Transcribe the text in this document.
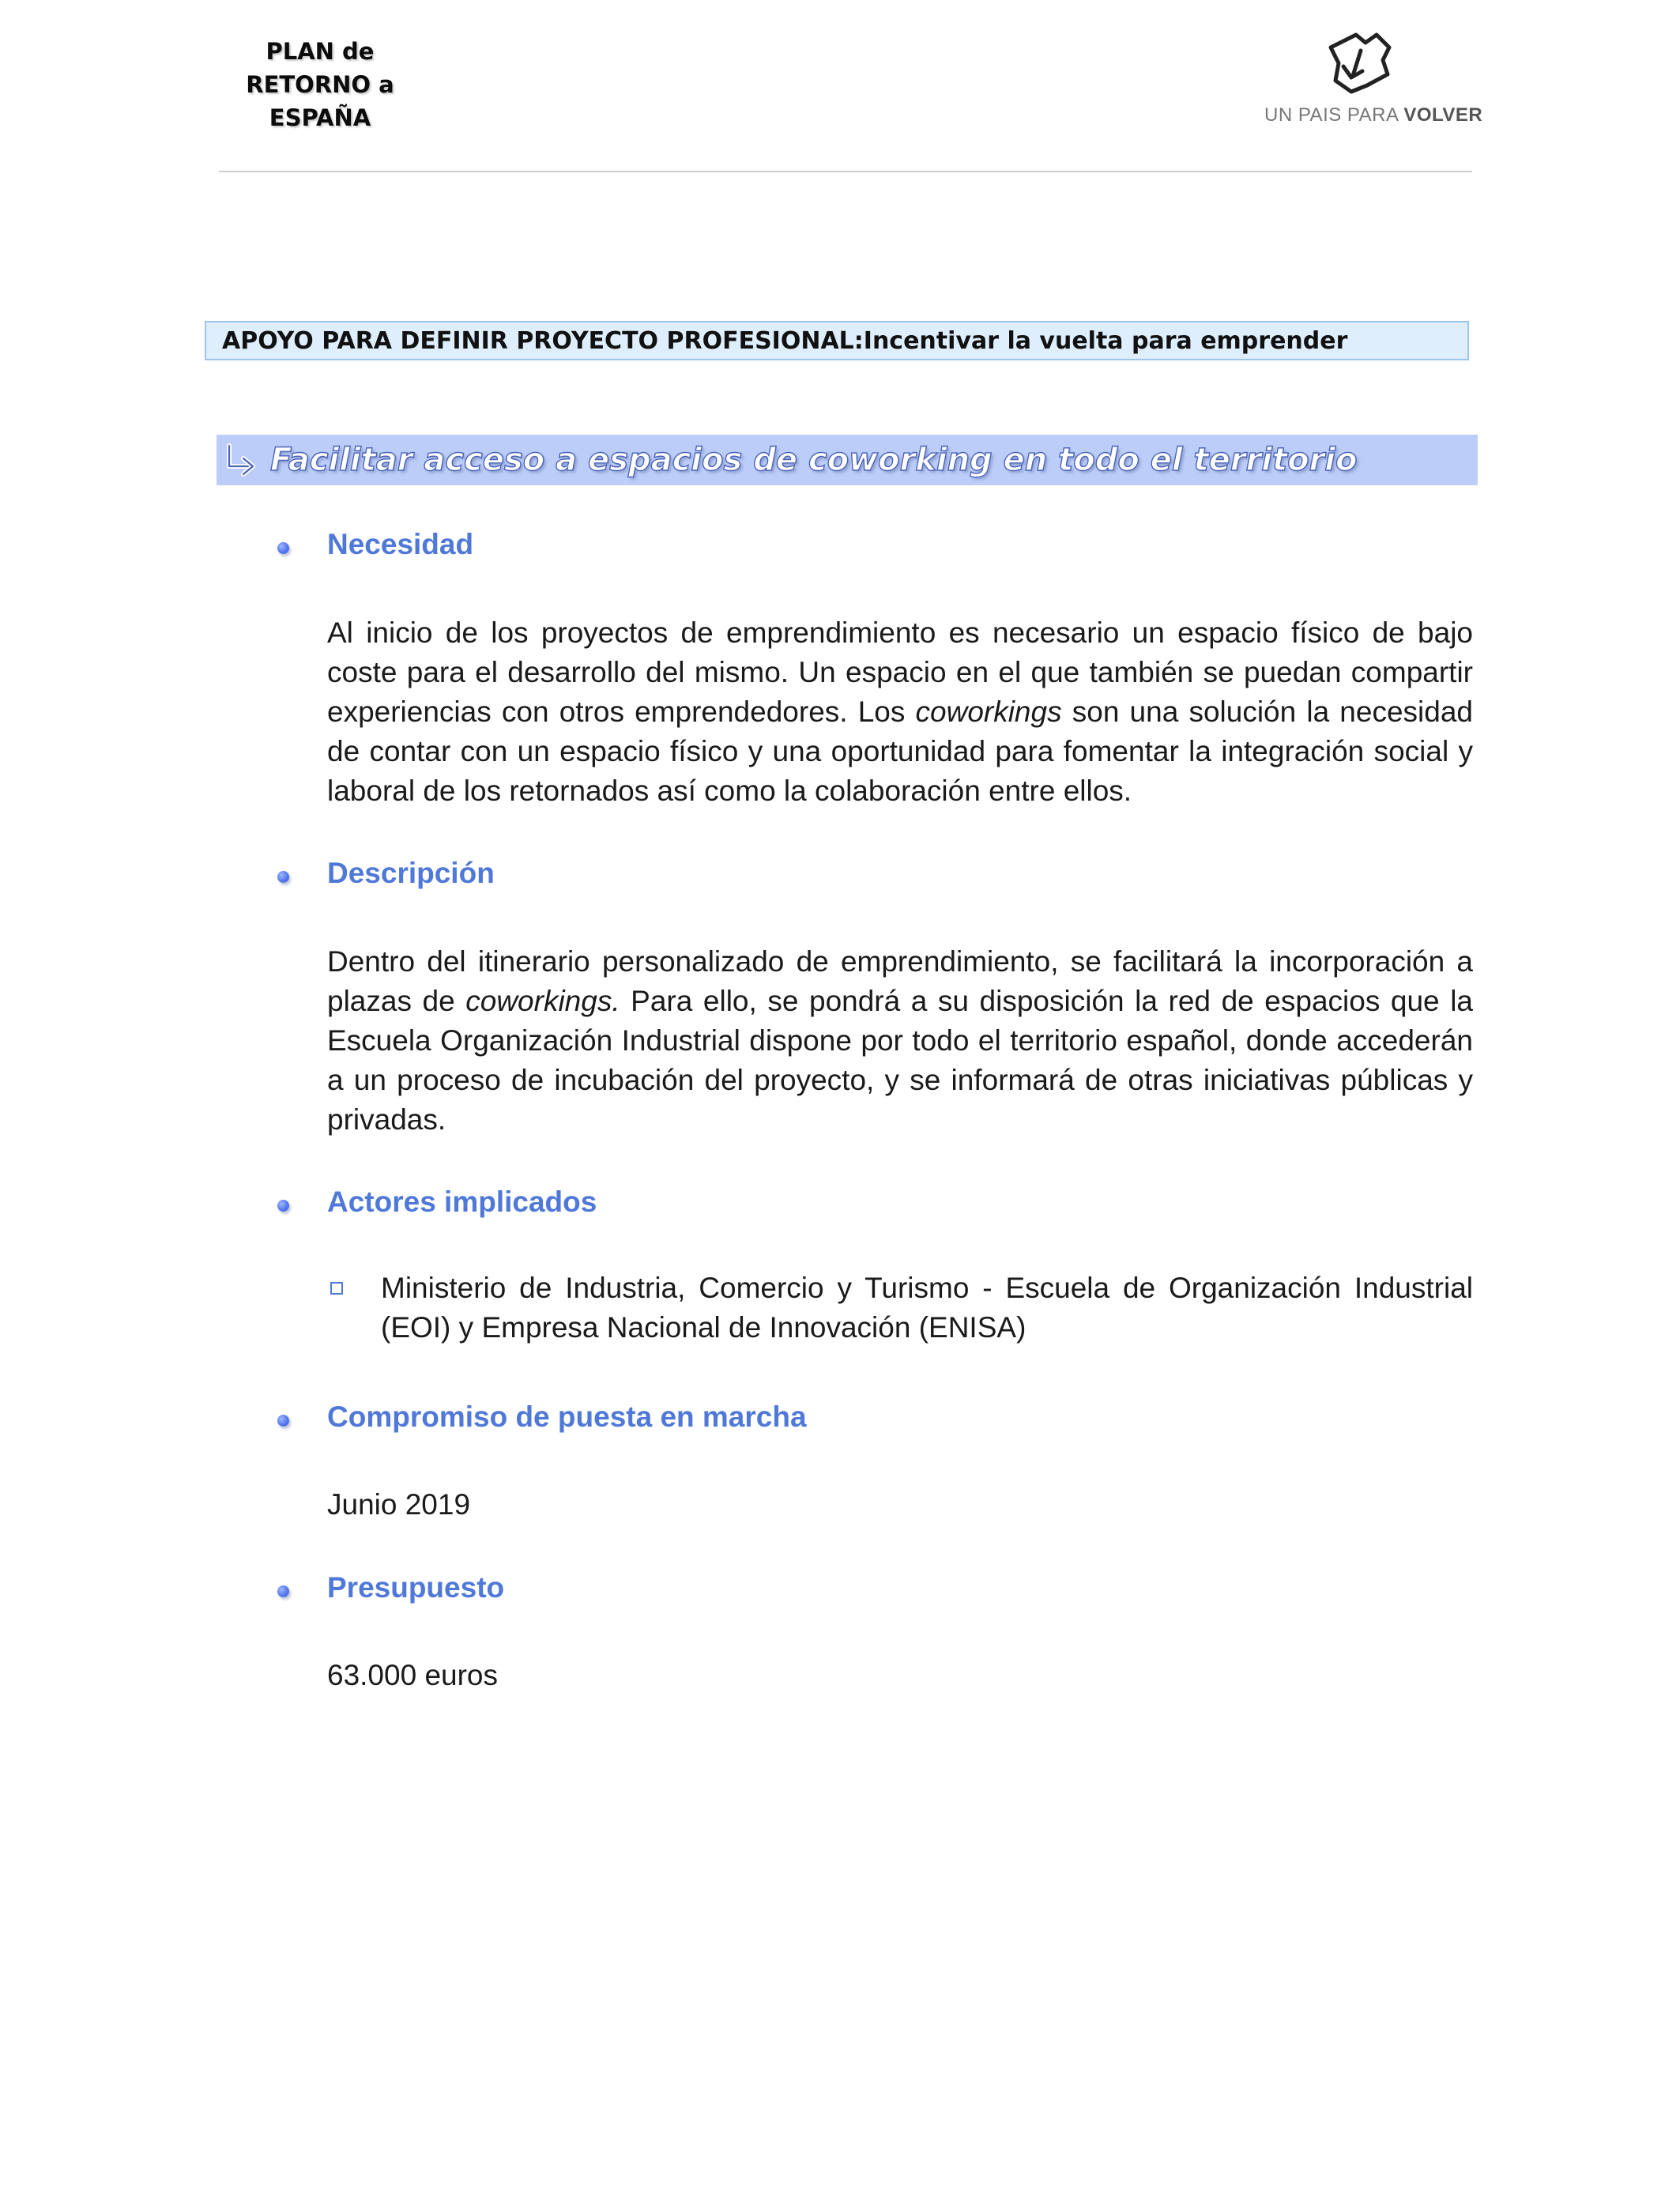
PLAN de
RETORNO a
ESPAÑA	UN PAIS PARA VOLVER
APOYO PARA DEFINIR PROYECTO PROFESIONAL: Incentivar la vuelta para emprender
Facilitar acceso a espacios de coworking en todo el territorio
Necesidad
Al inicio de los proyectos de emprendimiento es necesario un espacio físico de bajo coste para el desarrollo del mismo. Un espacio en el que también se puedan compartir experiencias con otros emprendedores. Los coworkings son una solución la necesidad de contar con un espacio físico y una oportunidad para fomentar la integración social y laboral de los retornados así como la colaboración entre ellos.
Descripción
Dentro del itinerario personalizado de emprendimiento, se facilitará la incorporación a plazas de coworkings. Para ello, se pondrá a su disposición la red de espacios que la Escuela Organización Industrial dispone por todo el territorio español, donde accederán a un proceso de incubación del proyecto, y se informará de otras iniciativas públicas y privadas.
Actores implicados
Ministerio de Industria, Comercio y Turismo - Escuela de Organización Industrial (EOI) y Empresa Nacional de Innovación (ENISA)
Compromiso de puesta en marcha
Junio 2019
Presupuesto
63.000 euros
